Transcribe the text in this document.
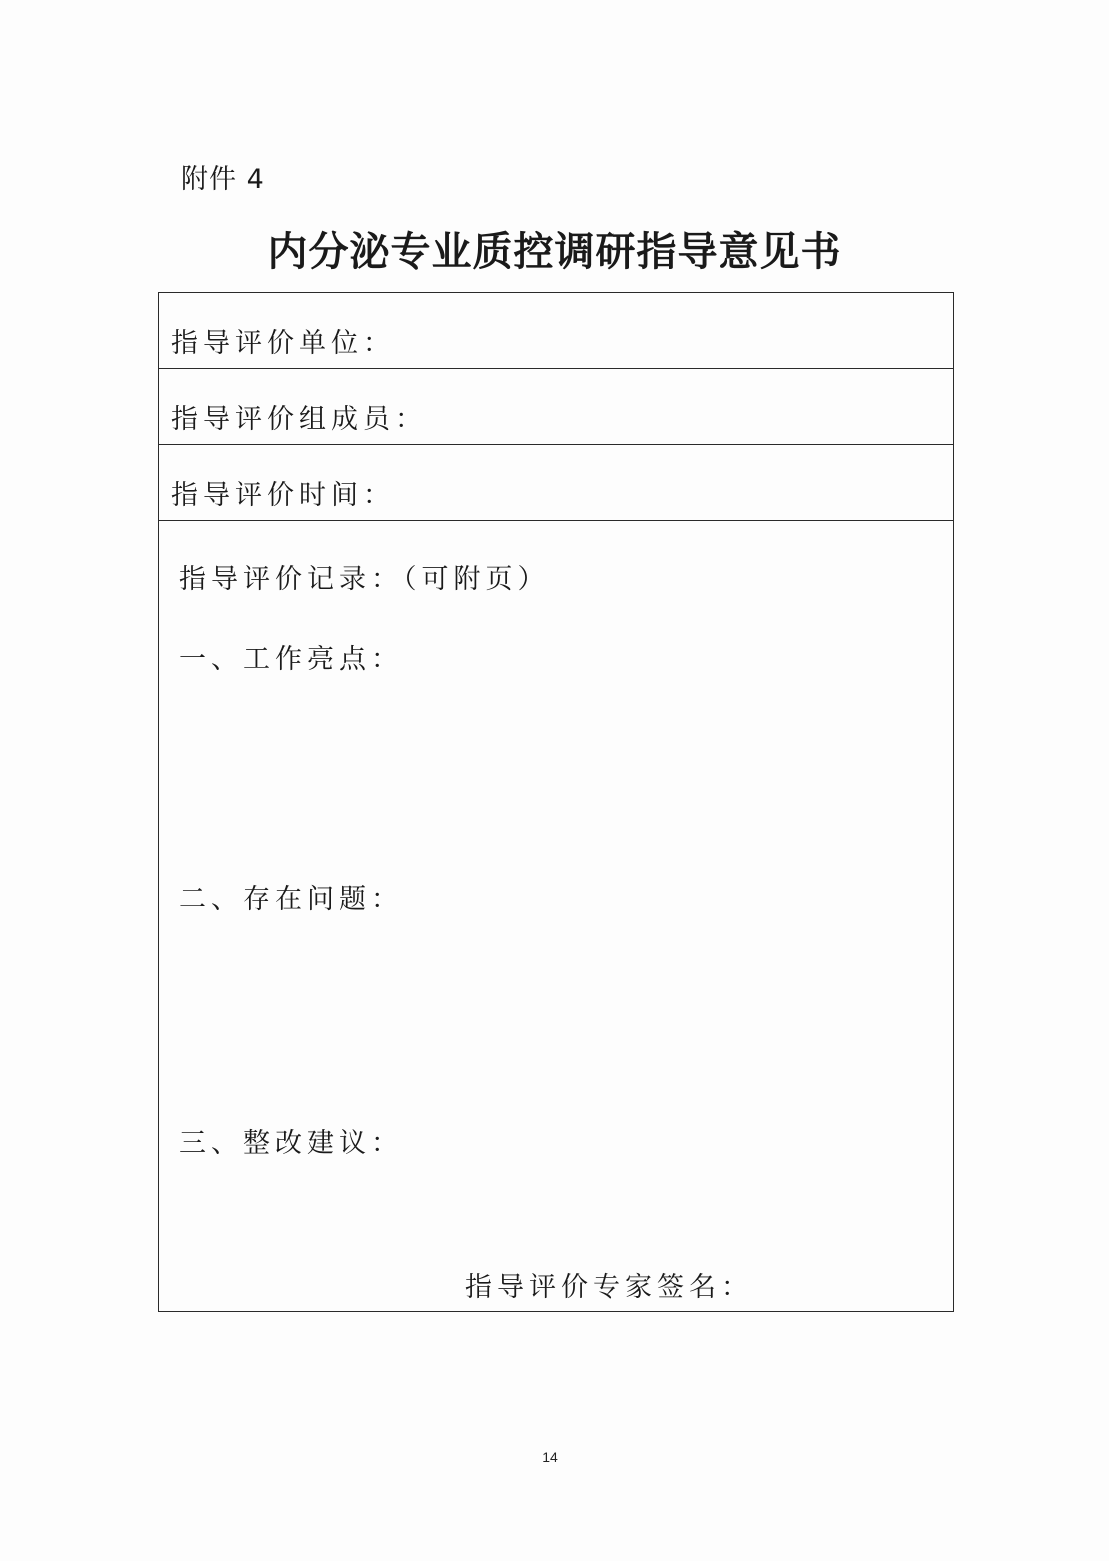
附件 4
内分泌专业质控调研指导意见书
指导评价单位：
指导评价组成员：
指导评价时间：
指导评价记录：（可附页）
一、工作亮点：
二、存在问题：
三、整改建议：
指导评价专家签名：
14
